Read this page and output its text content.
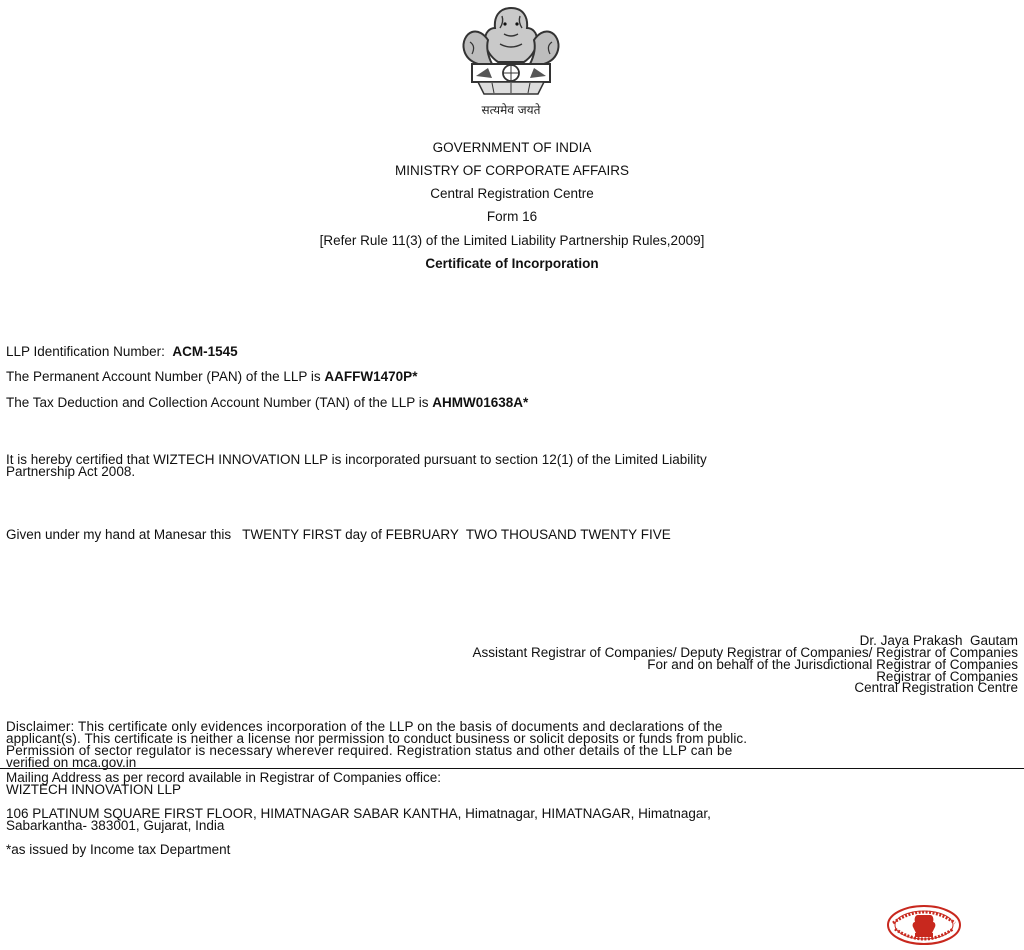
सत्यमेव जयते
GOVERNMENT OF INDIA
MINISTRY OF CORPORATE AFFAIRS
Central Registration Centre
Form 16
[Refer Rule 11(3) of the Limited Liability Partnership Rules,2009]
Certificate of Incorporation
LLP Identification Number: ACM-1545
The Permanent Account Number (PAN) of the LLP is AAFFW1470P*
The Tax Deduction and Collection Account Number (TAN) of the LLP is AHMW01638A*
It is hereby certified that WIZTECH INNOVATION LLP is incorporated pursuant to section 12(1) of the Limited Liability
Partnership Act 2008.
Given under my hand at Manesar this   TWENTY FIRST day of FEBRUARY  TWO THOUSAND TWENTY FIVE
Dr. Jaya Prakash  Gautam
Assistant Registrar of Companies/ Deputy Registrar of Companies/ Registrar of Companies
For and on behalf of the Jurisdictional Registrar of Companies
Registrar of Companies
Central Registration Centre
Disclaimer: This certificate only evidences incorporation of the LLP on the basis of documents and declarations of the
applicant(s). This certificate is neither a license nor permission to conduct business or solicit deposits or funds from public.
Permission of sector regulator is necessary wherever required. Registration status and other details of the LLP can be
verified on mca.gov.in
Mailing Address as per record available in Registrar of Companies office:
WIZTECH INNOVATION LLP
106 PLATINUM SQUARE FIRST FLOOR, HIMATNAGAR SABAR KANTHA, Himatnagar, HIMATNAGAR, Himatnagar,
Sabarkantha- 383001, Gujarat, India
*as issued by Income tax Department
